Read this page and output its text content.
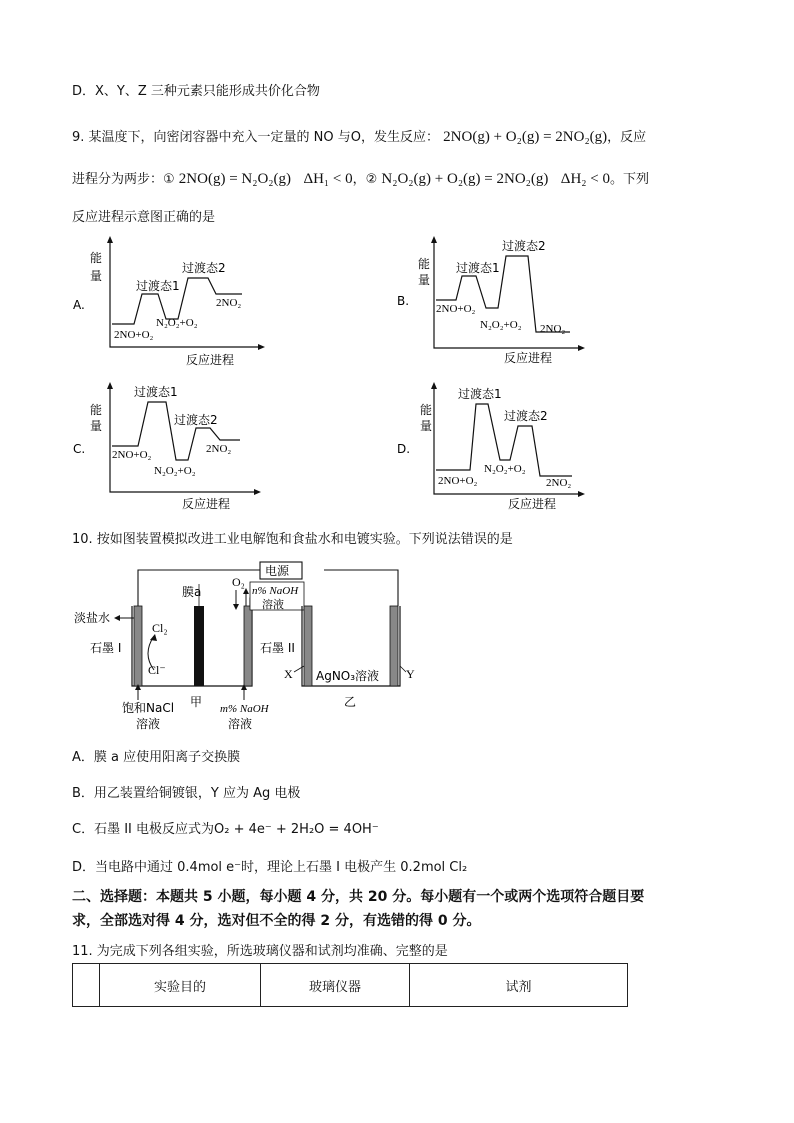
D．X、Y、Z 三种元素只能形成共价化合物
9. 某温度下，向密闭容器中充入一定量的 NO 与O，发生反应： 2NO(g) + O₂(g) = 2NO₂(g)，反应
进程分为两步：① 2NO(g) = N₂O₂(g) ΔH₁ < 0，② N₂O₂(g) + O₂(g) = 2NO₂(g) ΔH₂ < 0。下列
反应进程示意图正确的是
A.
能
量
过渡态1
过渡态2
2NO+O₂
N₂O₂+O₂
2NO₂
反应进程
B.
能
量
过渡态1
过渡态2
2NO+O₂
N₂O₂+O₂ 2NO₂
反应进程
C.
能
量
过渡态1
过渡态2
2NO+O₂
N₂O₂+O₂
2NO₂
反应进程
D.
能
量
过渡态1
过渡态2
2NO+O₂
N₂O₂+O₂
2NO₂
反应进程
10. 按如图装置模拟改进工业电解饱和食盐水和电镀实验。下列说法错误的是
电源
膜a
O₂
n% NaOH
溶液
淡盐水
Cl₂
Cl⁻
石墨 I	石墨 II
饱和NaCl
溶液
甲 m% NaOH
溶液
X	Y
AgNO₃溶液
乙
A．膜 a 应使用阳离子交换膜
B．用乙装置给铜镀银，Y 应为 Ag 电极
C．石墨 II 电极反应式为O₂ + 4e⁻ + 2H₂O = 4OH⁻
D．当电路中通过 0.4mol e⁻时，理论上石墨 I 电极产生 0.2mol Cl₂
二、选择题：本题共 5 小题，每小题 4 分，共 20 分。每小题有一个或两个选项符合题目要
求，全部选对得 4 分，选对但不全的得 2 分，有选错的得 0 分。
11. 为完成下列各组实验，所选玻璃仪器和试剂均准确、完整的是
	实验目的	玻璃仪器	试剂
